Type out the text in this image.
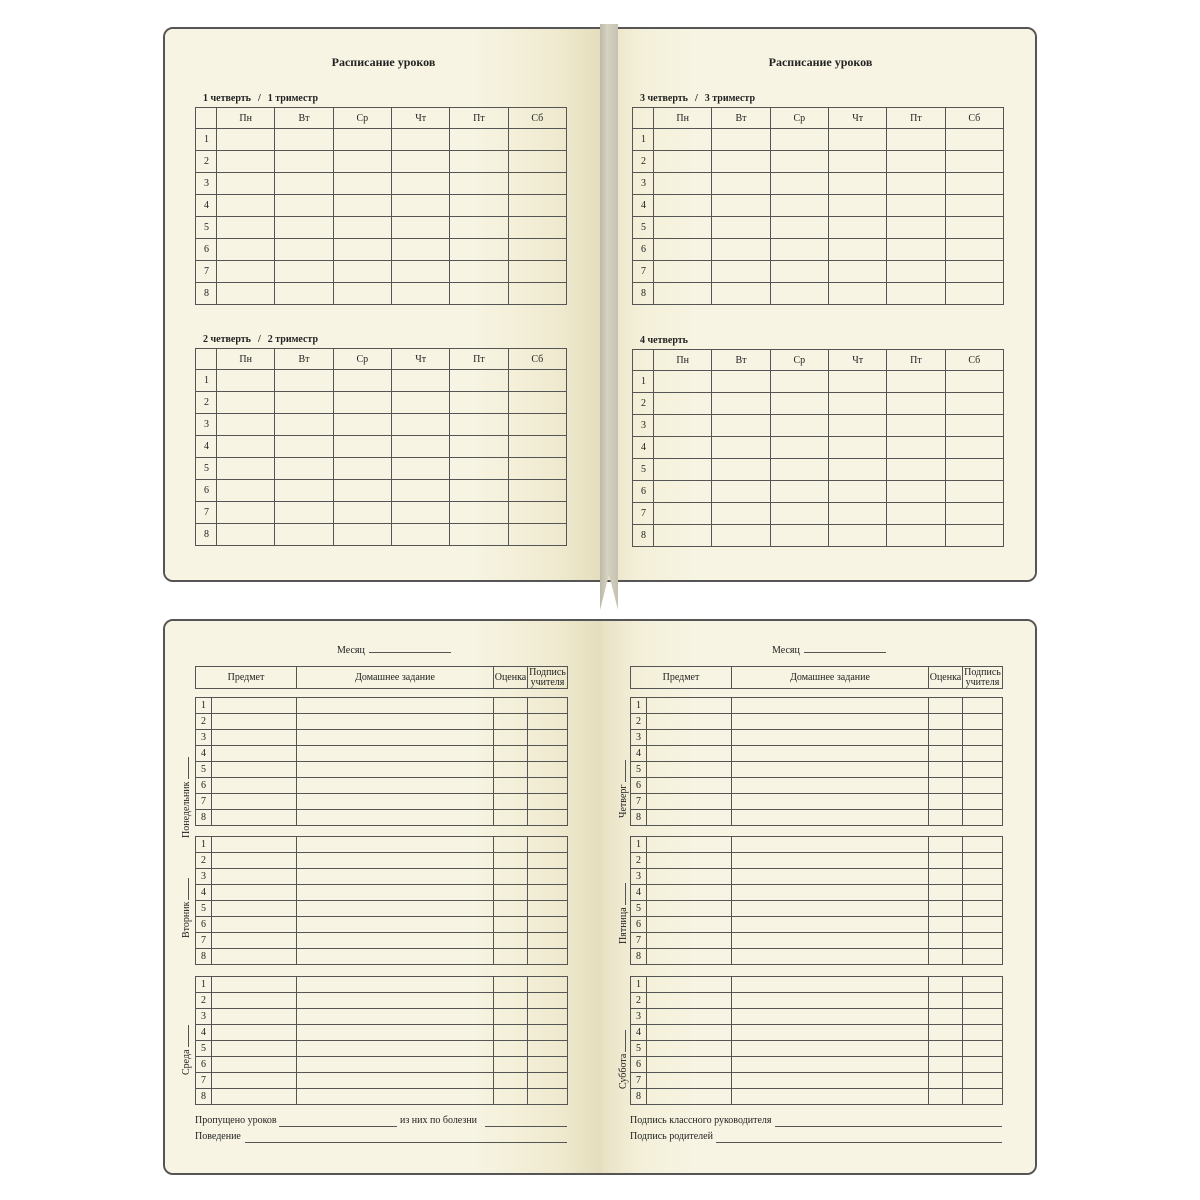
Расписание уроков
1 четверть / 1 триместр
	Пн	Вт	Ср	Чт	Пт	Сб
1						
2						
3						
4						
5						
6						
7						
8						
2 четверть / 2 триместр
	Пн	Вт	Ср	Чт	Пт	Сб
1						
2						
3						
4						
5						
6						
7						
8						
Расписание уроков
3 четверть / 3 триместр
	Пн	Вт	Ср	Чт	Пт	Сб
1						
2						
3						
4						
5						
6						
7						
8						
4 четверть
	Пн	Вт	Ср	Чт	Пт	Сб
1						
2						
3						
4						
5						
6						
7						
8						
Месяц
Предмет	Домашнее задание	Оценка	Подпись
учителя
1				
2				
3				
4				
5				
6				
7				
8				
Понедельник
1				
2				
3				
4				
5				
6				
7				
8				
Вторник
1				
2				
3				
4				
5				
6				
7				
8				
Среда
Пропущено уроков	из них по болезни
Поведение
Месяц
Предмет	Домашнее задание	Оценка	Подпись
учителя
1				
2				
3				
4				
5				
6				
7				
8				
Четверг
1				
2				
3				
4				
5				
6				
7				
8				
Пятница
1				
2				
3				
4				
5				
6				
7				
8				
Суббота
Подпись классного руководителя
Подпись родителей
